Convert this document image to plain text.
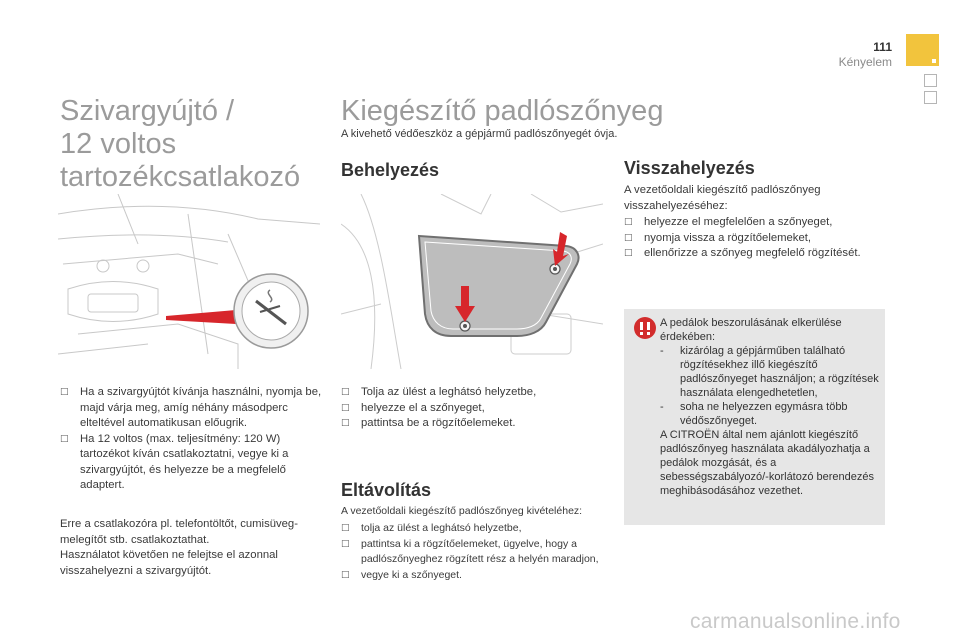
111
Kényelem
Szivargyújtó /
12 voltos
tartozékcsatlakozó
□ Ha a szivargyújtót kívánja használni, nyomja be, majd várja meg, amíg néhány másodperc elteltével automatikusan előugrik.
□ Ha 12 voltos (max. teljesítmény: 120 W) tartozékot kíván csatlakoztatni, vegye ki a szivargyújtót, és helyezze be a megfelelő adaptert.
Erre a csatlakozóra pl. telefontöltőt, cumisüveg-melegítőt stb. csatlakoztathat.
Használatot követően ne felejtse el azonnal visszahelyezni a szivargyújtót.
Kiegészítő padlószőnyeg
A kivehető védőeszköz a gépjármű padlószőnyegét óvja.
Behelyezés
□ Tolja az ülést a leghátsó helyzetbe,
□ helyezze el a szőnyeget,
□ pattintsa be a rögzítőelemeket.
Eltávolítás
A vezetőoldali kiegészítő padlószőnyeg kivételéhez:
□ tolja az ülést a leghátsó helyzetbe,
□ pattintsa ki a rögzítőelemeket, ügyelve, hogy a padlószőnyeghez rögzített rész a helyén maradjon,
□ vegye ki a szőnyeget.
Visszahelyezés
A vezetőoldali kiegészítő padlószőnyeg visszahelyezéséhez:
□ helyezze el megfelelően a szőnyeget,
□ nyomja vissza a rögzítőelemeket,
□ ellenőrizze a szőnyeg megfelelő rögzítését.
A pedálok beszorulásának elkerülése érdekében:
- kizárólag a gépjárműben található rögzítésekhez illő kiegészítő padlószőnyeget használjon; a rögzítések használata elengedhetetlen,
- soha ne helyezzen egymásra több védőszőnyeget.
A CITROËN által nem ajánlott kiegészítő padlószőnyeg használata akadályozhatja a pedálok mozgását, és a sebességszabályozó/-korlátozó berendezés meghibásodásához vezethet.
carmanualsonline.info
